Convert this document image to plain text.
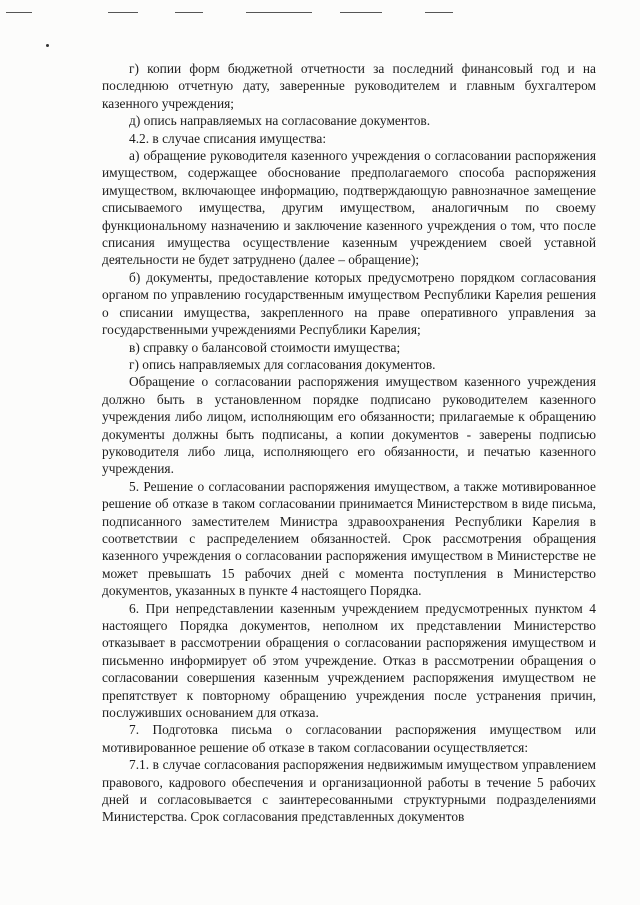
г) копии форм бюджетной отчетности за последний финансовый год и на последнюю отчетную дату, заверенные руководителем и главным бухгалтером казенного учреждения;

д) опись направляемых на согласование документов.

4.2. в случае списания имущества:

а) обращение руководителя казенного учреждения о согласовании распоряжения имуществом, содержащее обоснование предполагаемого способа распоряжения имуществом, включающее информацию, подтверждающую равнозначное замещение списываемого имущества, другим имуществом, аналогичным по своему функциональному назначению и заключение казенного учреждения о том, что после списания имущества осуществление казенным учреждением своей уставной деятельности не будет затруднено (далее – обращение);

б) документы, предоставление которых предусмотрено порядком согласования органом по управлению государственным имуществом Республики Карелия решения о списании имущества, закрепленного на праве оперативного управления за государственными учреждениями Республики Карелия;

в) справку о балансовой стоимости имущества;

г) опись направляемых для согласования документов.

Обращение о согласовании распоряжения имуществом казенного учреждения должно быть в установленном порядке подписано руководителем казенного учреждения либо лицом, исполняющим его обязанности; прилагаемые к обращению документы должны быть подписаны, а копии документов - заверены подписью руководителя либо лица, исполняющего его обязанности, и печатью казенного учреждения.

5. Решение о согласовании распоряжения имуществом, а также мотивированное решение об отказе в таком согласовании принимается Министерством в виде письма, подписанного заместителем Министра здравоохранения Республики Карелия в соответствии с распределением обязанностей. Срок рассмотрения обращения казенного учреждения о согласовании распоряжения имуществом в Министерстве не может превышать 15 рабочих дней с момента поступления в Министерство документов, указанных в пункте 4 настоящего Порядка.

6. При непредставлении казенным учреждением предусмотренных пунктом 4 настоящего Порядка документов, неполном их представлении Министерство отказывает в рассмотрении обращения о согласовании распоряжения имуществом и письменно информирует об этом учреждение. Отказ в рассмотрении обращения о согласовании совершения казенным учреждением распоряжения имуществом не препятствует к повторному обращению учреждения после устранения причин, послуживших основанием для отказа.

7. Подготовка письма о согласовании распоряжения имуществом или мотивированное решение об отказе в таком согласовании осуществляется:

7.1. в случае согласования распоряжения недвижимым имуществом управлением правового, кадрового обеспечения и организационной работы в течение 5 рабочих дней и согласовывается с заинтересованными структурными подразделениями Министерства. Срок согласования представленных документов
